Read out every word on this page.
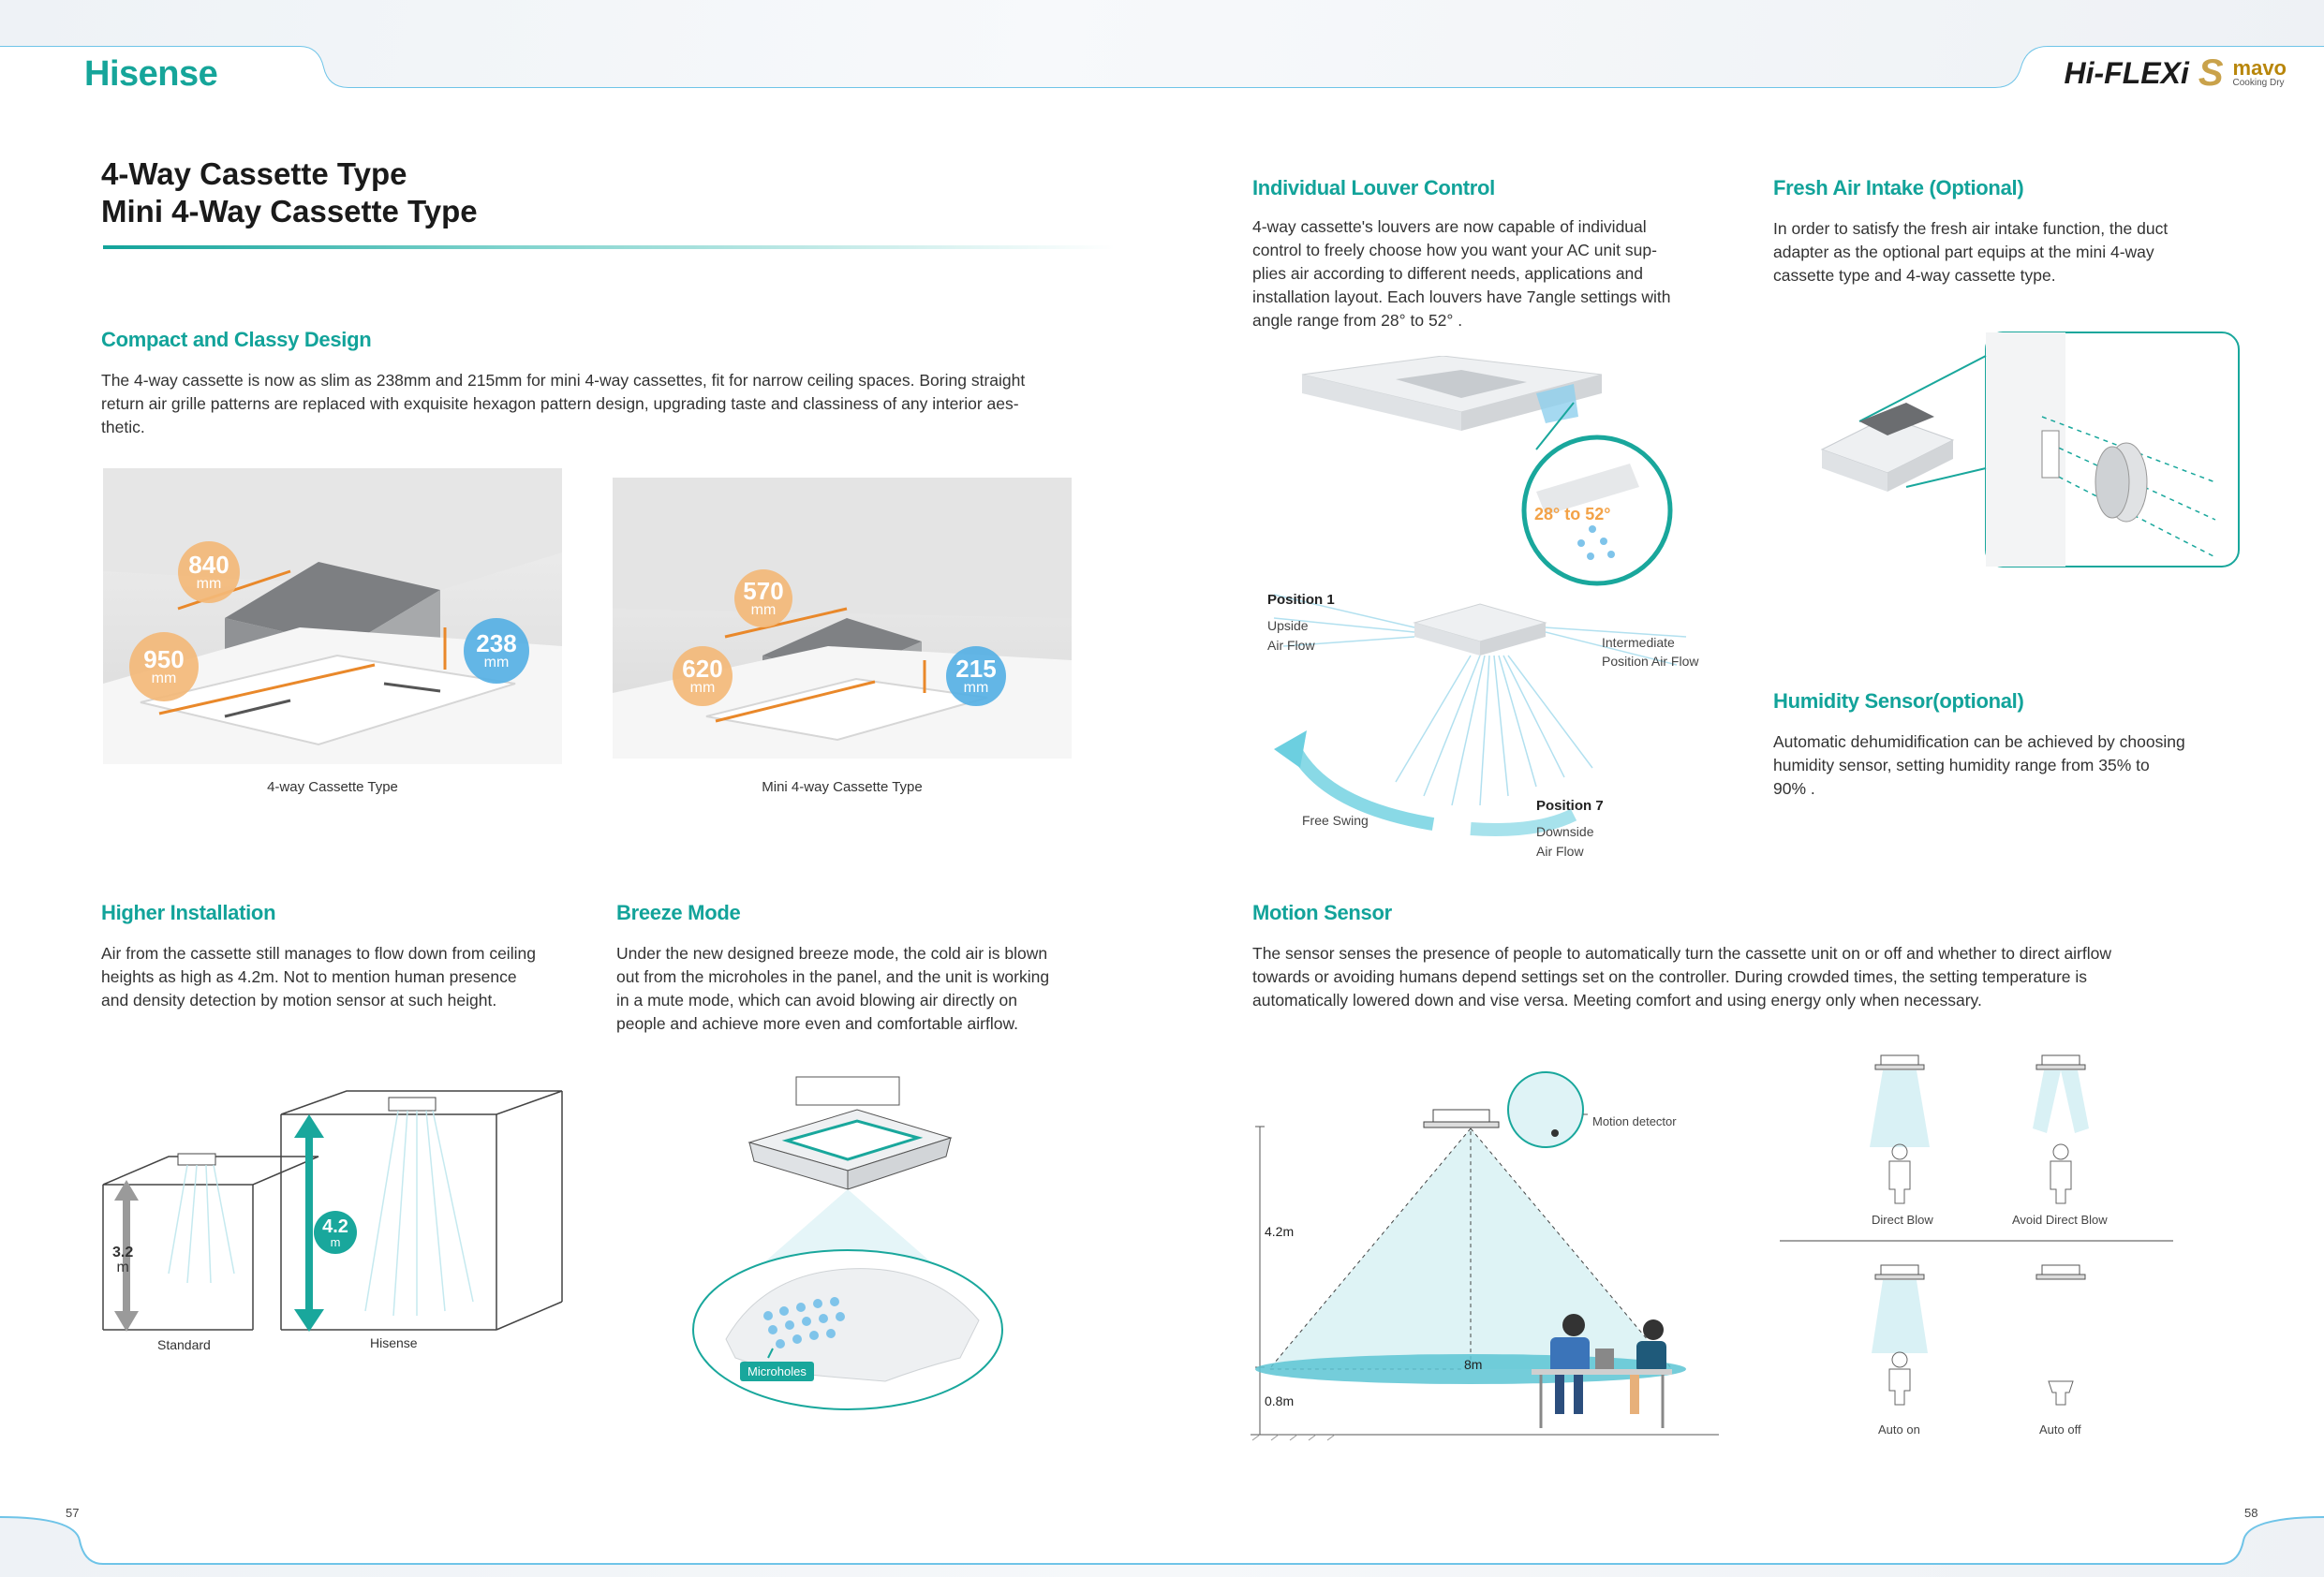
Hisense	Hi-FLEXi S mavo
Cooking Dry
4-Way Cassette Type
Mini 4-Way Cassette Type
Compact and Classy Design
The 4-way cassette is now as slim as 238mm and 215mm for mini 4-way cassettes, fit for narrow ceiling spaces. Boring straight
return air grille patterns are replaced with exquisite hexagon pattern design, upgrading taste and classiness of any interior aes-
thetic.
840
mm
950
mm
238
mm
4-way Cassette Type
570
mm
620
mm
215
mm
Mini 4-way Cassette Type
Individual Louver Control
4-way cassette's louvers are now capable of individual
control to freely choose how you want your AC unit sup-
plies air according to different needs, applications and
installation layout. Each louvers have 7angle settings with
angle range from 28° to 52° .
28° to 52°
Position 1
Upside
Air Flow	Intermediate
Position Air Flow
Free Swing
Position 7
Downside
Air Flow
Fresh Air Intake (Optional)
In order to satisfy the fresh air intake function, the duct
adapter as the optional part equips at the mini 4-way
cassette type and 4-way cassette type.
Humidity Sensor(optional)
Automatic dehumidification can be achieved by choosing
humidity sensor, setting humidity range from 35% to
90% .
Higher Installation
Air from the cassette still manages to flow down from ceiling
heights as high as 4.2m. Not to mention human presence
and density detection by motion sensor at such height.
3.2
m
4.2
m
Standard	Hisense
Breeze Mode
Under the new designed breeze mode, the cold air is blown
out from the microholes in the panel, and the unit is working
in a mute mode, which can avoid blowing air directly on
people and achieve more even and comfortable airflow.
Microholes
Motion Sensor
The sensor senses the presence of people to automatically turn the cassette unit on or off and whether to direct airflow
towards or avoiding humans depend settings set on the controller. During crowded times, the setting temperature is
automatically lowered down and vise versa. Meeting comfort and using energy only when necessary.
Motion detector
4.2m
0.8m
8m
Direct Blow	Avoid Direct Blow
Auto on	Auto off
57	58
